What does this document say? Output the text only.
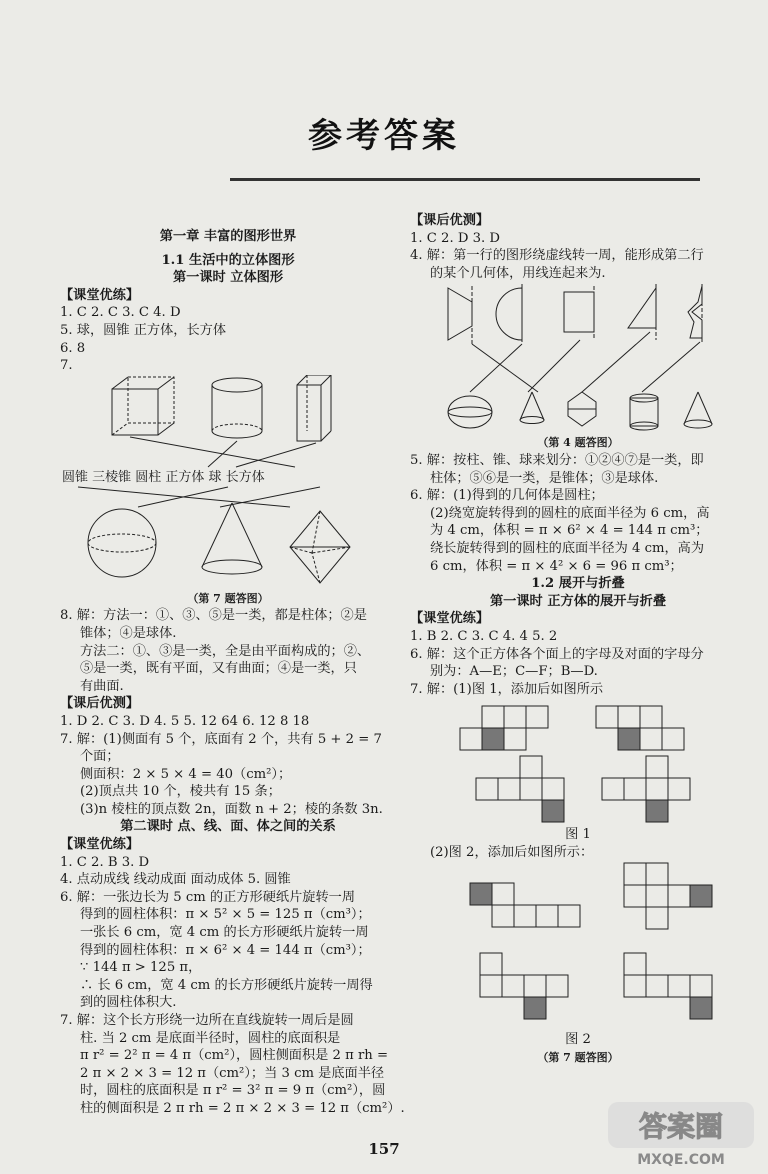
参考答案

第一章 丰富的图形世界

1.1 生活中的立体图形

第一课时 立体图形

【课堂优练】

1. C 2. C 3. C 4. D

5. 球，圆锥 正方体，长方体

6. 8

7.

圆锥 三棱锥 圆柱 正方体 球 长方体

（第 7 题答图）

8. 解：方法一：①、③、⑤是一类，都是柱体；②是

锥体；④是球体.

方法二：①、③是一类，全是由平面构成的；②、

⑤是一类，既有平面，又有曲面；④是一类，只

有曲面.

【课后优测】

1. D 2. C 3. D 4. 5 5. 12 64 6. 12 8 18

7. 解：(1)侧面有 5 个，底面有 2 个，共有 5 + 2 = 7

个面；

侧面积：2 × 5 × 4 = 40（cm²）；

(2)顶点共 10 个，棱共有 15 条；

(3)n 棱柱的顶点数 2n，面数 n + 2；棱的条数 3n.

第二课时 点、线、面、体之间的关系

【课堂优练】

1. C 2. B 3. D

4. 点动成线 线动成面 面动成体 5. 圆锥

6. 解：一张边长为 5 cm 的正方形硬纸片旋转一周

得到的圆柱体积：π × 5² × 5 = 125 π（cm³）；

一张长 6 cm，宽 4 cm 的长方形硬纸片旋转一周

得到的圆柱体积：π × 6² × 4 = 144 π（cm³）；

∵ 144 π > 125 π，

∴ 长 6 cm，宽 4 cm 的长方形硬纸片旋转一周得

到的圆柱体积大.

7. 解：这个长方形绕一边所在直线旋转一周后是圆

柱. 当 2 cm 是底面半径时，圆柱的底面积是

π r² = 2² π = 4 π（cm²），圆柱侧面积是 2 π rh =

2 π × 2 × 3 = 12 π（cm²）；当 3 cm 是底面半径

时，圆柱的底面积是 π r² = 3² π = 9 π（cm²），圆

柱的侧面积是 2 π rh = 2 π × 2 × 3 = 12 π（cm²）.

【课后优测】

1. C 2. D 3. D

4. 解：第一行的图形绕虚线转一周，能形成第二行

的某个几何体，用线连起来为.

（第 4 题答图）

5. 解：按柱、锥、球来划分：①②④⑦是一类，即

柱体；⑤⑥是一类，是锥体；③是球体.

6. 解：(1)得到的几何体是圆柱；

(2)绕宽旋转得到的圆柱的底面半径为 6 cm，高

为 4 cm，体积 = π × 6² × 4 = 144 π cm³；

绕长旋转得到的圆柱的底面半径为 4 cm，高为

6 cm，体积 = π × 4² × 6 = 96 π cm³；

1.2 展开与折叠

第一课时 正方体的展开与折叠

【课堂优练】

1. B 2. C 3. C 4. 4 5. 2

6. 解：这个正方体各个面上的字母及对面的字母分

别为：A—E；C—F；B—D.

7. 解：(1)图 1，添加后如图所示

图 1

(2)图 2，添加后如图所示：

图 2

（第 7 题答图）

157
答案圈
MXQE.COM
